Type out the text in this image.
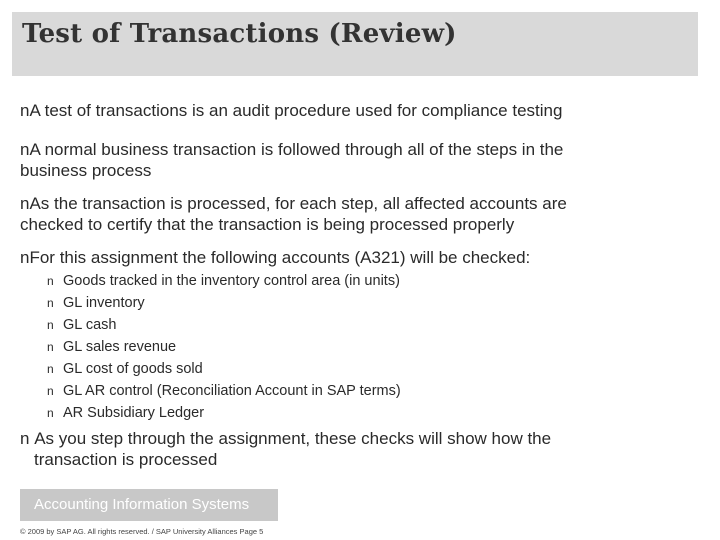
Test of Transactions (Review)
nA test of transactions is an audit procedure used for compliance testing
nA normal business transaction is followed through all of the steps in the
business process
nAs the transaction is processed, for each step, all affected accounts are
checked to certify that the transaction is being processed properly
nFor this assignment the following accounts (A321) will be checked:
n Goods tracked in the inventory control area (in units)
n GL inventory
n GL cash
n GL sales revenue
n GL cost of goods sold
n GL AR control (Reconciliation Account in SAP terms)
n AR Subsidiary Ledger
n As you step through the assignment, these checks will show how the
transaction is processed
Accounting Information Systems
© 2009 by SAP AG. All rights reserved. / SAP University Alliances Page 5
